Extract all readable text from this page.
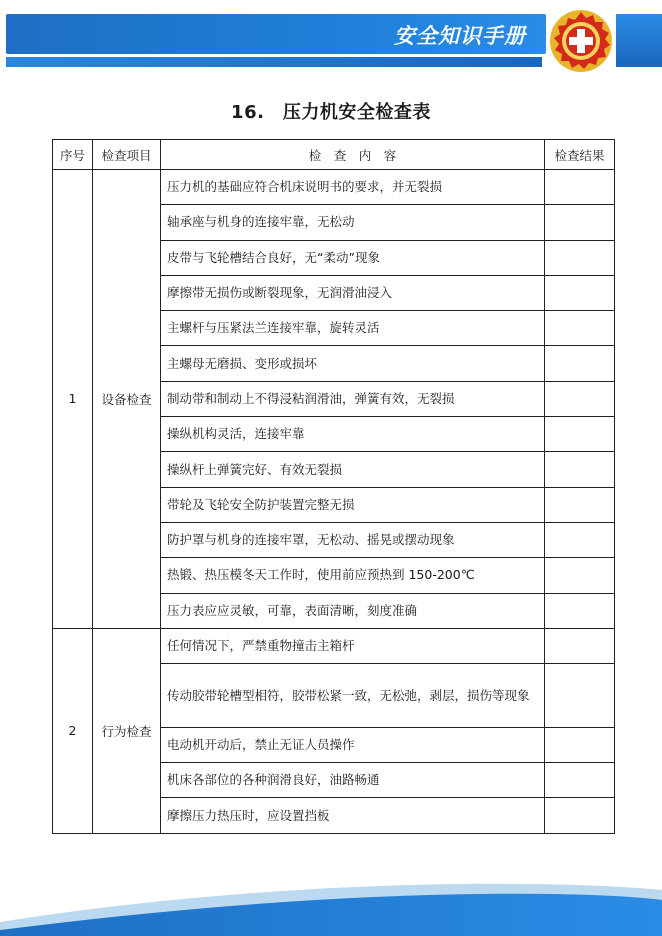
安全知识手册
16.　压力机安全检查表
序号	检查项目	检　查　内　容	检查结果
1	设备检查	压力机的基础应符合机床说明书的要求，并无裂损	
		轴承座与机身的连接牢靠，无松动	
		皮带与飞轮槽结合良好，无“柔动”现象	
		摩擦带无损伤或断裂现象，无润滑油浸入	
		主螺杆与压紧法兰连接牢靠，旋转灵活	
		主螺母无磨损、变形或损坏	
		制动带和制动上不得浸粘润滑油，弹簧有效，无裂损	
		操纵机构灵活，连接牢靠	
		操纵杆上弹簧完好、有效无裂损	
		带轮及飞轮安全防护装置完整无损	
		防护罩与机身的连接牢罩，无松动、摇晃或摆动现象	
		热锻、热压模冬天工作时，使用前应预热到 150-200℃	
		压力表应应灵敏，可靠，表面清晰，刻度准确	
2	行为检查	任何情况下，严禁重物撞击主箱杆	
		传动胶带轮槽型相符，胶带松紧一致，无松弛，剥层，损伤等现象	
		电动机开动后，禁止无证人员操作	
		机床各部位的各种润滑良好，油路畅通	
		摩擦压力热压时，应设置挡板	
